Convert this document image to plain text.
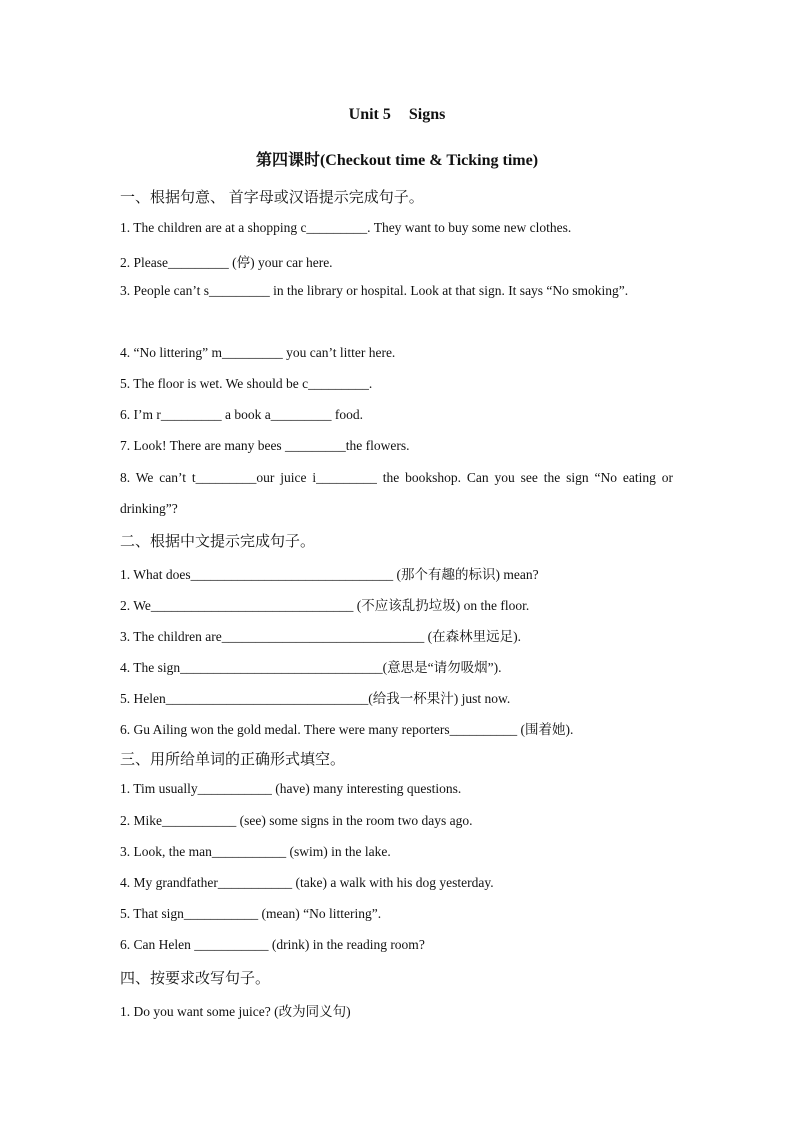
Unit 5 Signs
第四课时(Checkout time & Ticking time)
一、根据句意、 首字母或汉语提示完成句子。
1. The children are at a shopping c_________. They want to buy some new clothes.
2. Please_________ (停) your car here.
3. People can’t s_________ in the library or hospital. Look at that sign. It says “No smoking”.
4. “No littering” m_________ you can’t litter here.
5. The floor is wet. We should be c_________.
6. I’m r_________ a book a_________ food.
7. Look! There are many bees _________the flowers.
8. We can’t t_________our juice i_________ the bookshop. Can you see the sign “No eating or drinking”?
二、根据中文提示完成句子。
1. What does______________________________ (那个有趣的标识) mean?
2. We______________________________ (不应该乱扔垃圾) on the floor.
3. The children are______________________________ (在森林里远足).
4. The sign______________________________(意思是“请勿吸烟”).
5. Helen______________________________(给我一杯果汁) just now.
6. Gu Ailing won the gold medal. There were many reporters__________ (围着她).
三、用所给单词的正确形式填空。
1. Tim usually___________ (have) many interesting questions.
2. Mike___________ (see) some signs in the room two days ago.
3. Look, the man___________ (swim) in the lake.
4. My grandfather___________ (take) a walk with his dog yesterday.
5. That sign___________ (mean) “No littering”.
6. Can Helen ___________ (drink) in the reading room?
四、按要求改写句子。
1. Do you want some juice? (改为同义句)
